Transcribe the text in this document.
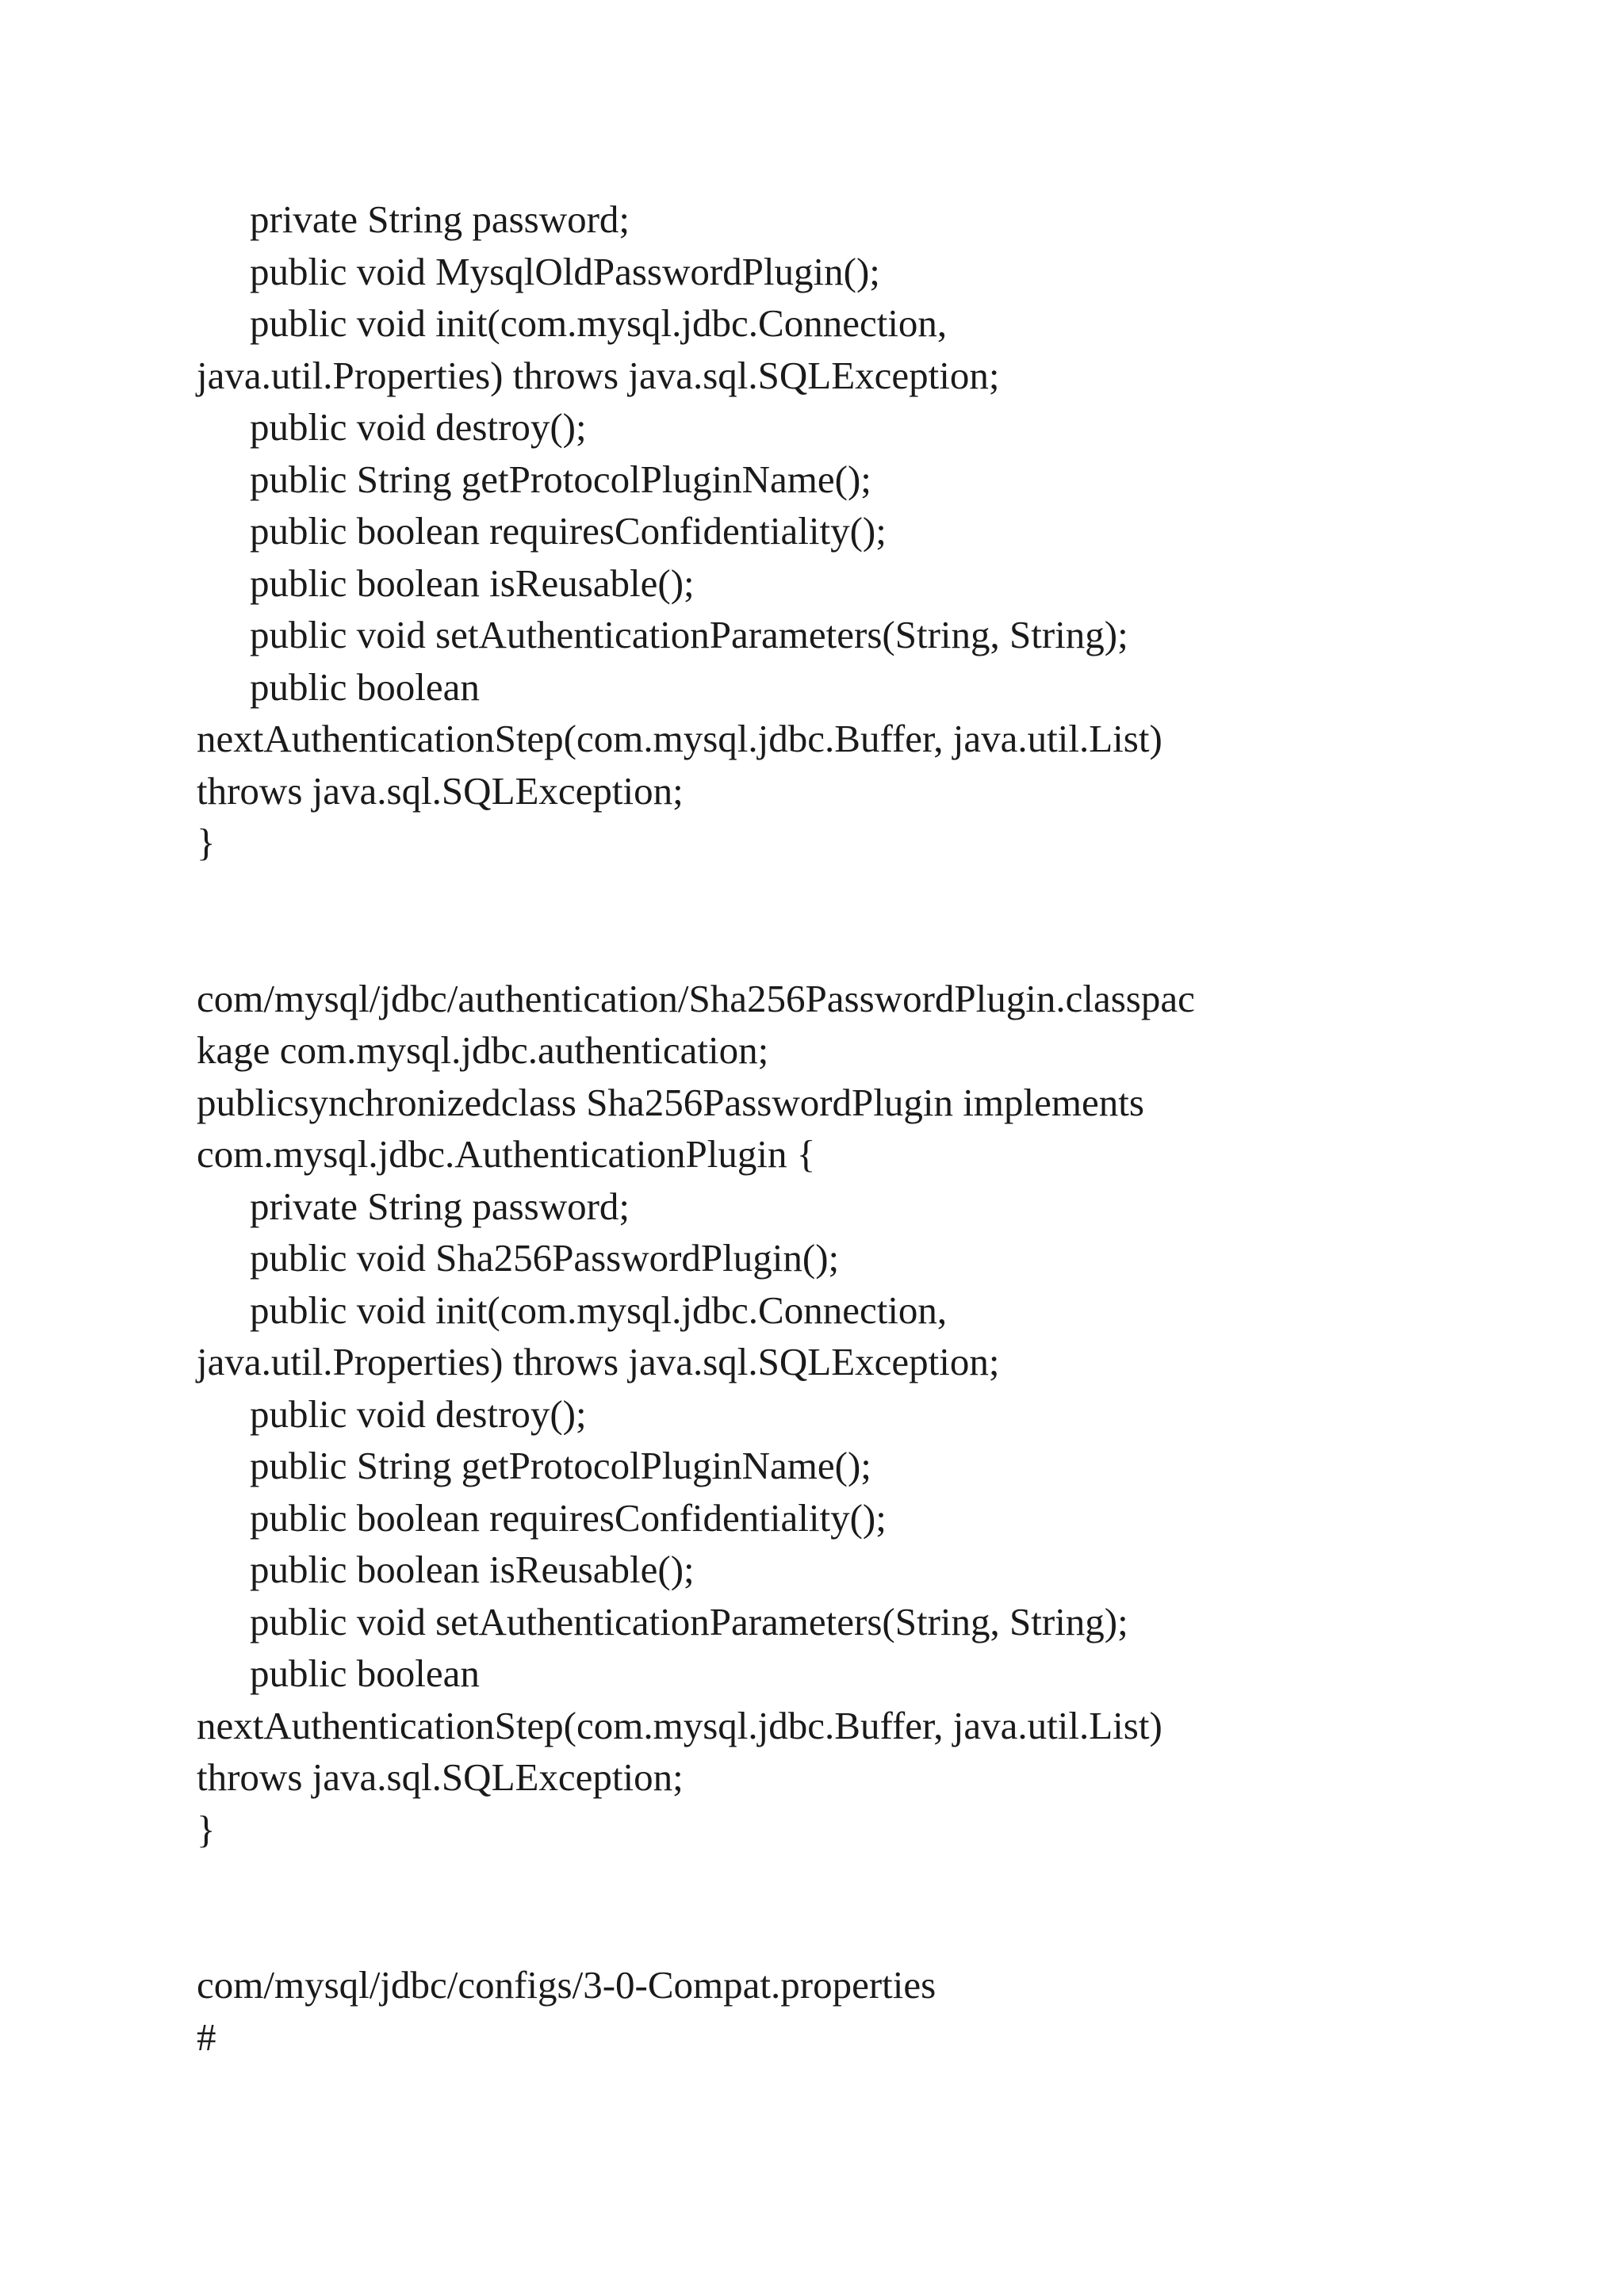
private String password;
public void MysqlOldPasswordPlugin();
public void init(com.mysql.jdbc.Connection,
java.util.Properties) throws java.sql.SQLException;
public void destroy();
public String getProtocolPluginName();
public boolean requiresConfidentiality();
public boolean isReusable();
public void setAuthenticationParameters(String, String);
public boolean
nextAuthenticationStep(com.mysql.jdbc.Buffer, java.util.List)
throws java.sql.SQLException;
}
com/mysql/jdbc/authentication/Sha256PasswordPlugin.classpac
kage com.mysql.jdbc.authentication;
publicsynchronizedclass Sha256PasswordPlugin implements
com.mysql.jdbc.AuthenticationPlugin {
private String password;
public void Sha256PasswordPlugin();
public void init(com.mysql.jdbc.Connection,
java.util.Properties) throws java.sql.SQLException;
public void destroy();
public String getProtocolPluginName();
public boolean requiresConfidentiality();
public boolean isReusable();
public void setAuthenticationParameters(String, String);
public boolean
nextAuthenticationStep(com.mysql.jdbc.Buffer, java.util.List)
throws java.sql.SQLException;
}
com/mysql/jdbc/configs/3-0-Compat.properties
#
